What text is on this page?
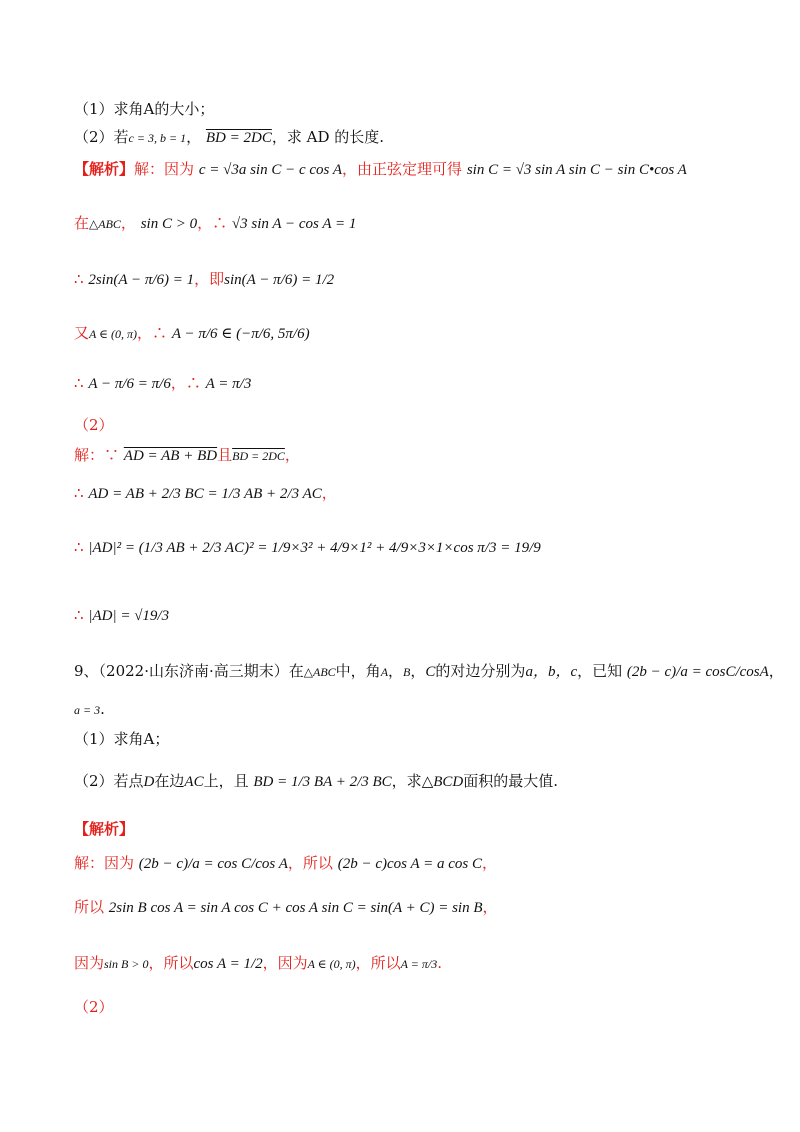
（1）求角A的大小；
（2）若c = 3, b = 1， BD = 2DC，求 AD 的长度.
【解析】解：因为 c = √3a sin C − c cos A，由正弦定理可得 sin C = √3 sin A sin C − sin C•cos A
在△ABC， sin C > 0，∴ √3 sin A − cos A = 1
∴ 2sin(A − π/6) = 1，即sin(A − π/6) = 1/2
又A ∈ (0, π)，∴ A − π/6 ∈ (−π/6, 5π/6)
∴ A − π/6 = π/6，∴ A = π/3
（2）
解：∵ AD = AB + BD且BD = 2DC，
∴ AD = AB + 2/3 BC = 1/3 AB + 2/3 AC，
∴ |AD|² = (1/3 AB + 2/3 AC)² = 1/9×3² + 4/9×1² + 4/9×3×1×cos π/3 = 19/9
∴ |AD| = √19/3
9、（2022·山东济南·高三期末）在△ABC中，角A，B，C的对边分别为a，b，c，已知 (2b − c)/a = cosC/cosA，
a = 3.
（1）求角A；
（2）若点D在边AC上，且 BD = 1/3 BA + 2/3 BC，求△BCD面积的最大值.
【解析】
解：因为 (2b − c)/a = cos C/cos A，所以 (2b − c)cos A = a cos C，
所以 2sin B cos A = sin A cos C + cos A sin C = sin(A + C) = sin B，
因为sin B > 0，所以cos A = 1/2，因为A ∈ (0, π)，所以A = π/3.
（2）
